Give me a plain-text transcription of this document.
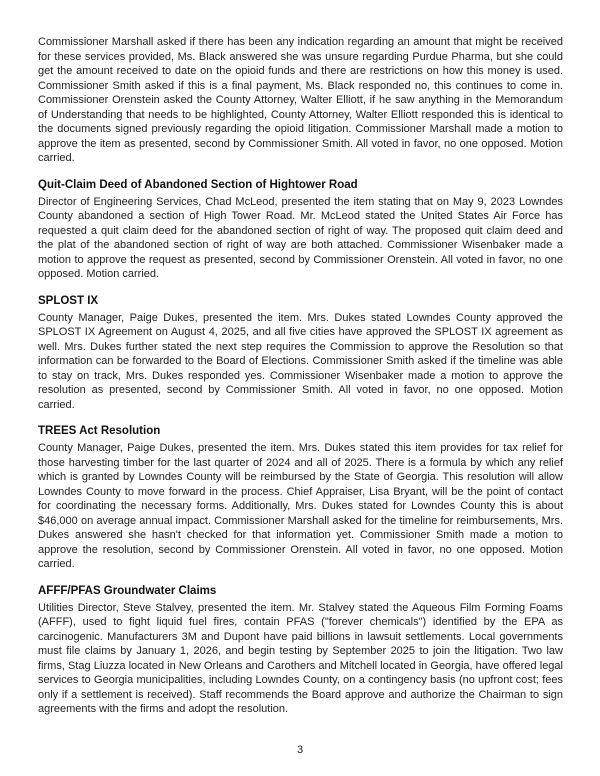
Commissioner Marshall asked if there has been any indication regarding an amount that might be received for these services provided, Ms. Black answered she was unsure regarding Purdue Pharma, but she could get the amount received to date on the opioid funds and there are restrictions on how this money is used. Commissioner Smith asked if this is a final payment, Ms. Black responded no, this continues to come in. Commissioner Orenstein asked the County Attorney, Walter Elliott, if he saw anything in the Memorandum of Understanding that needs to be highlighted, County Attorney, Walter Elliott responded this is identical to the documents signed previously regarding the opioid litigation. Commissioner Marshall made a motion to approve the item as presented, second by Commissioner Smith. All voted in favor, no one opposed. Motion carried.

Quit-Claim Deed of Abandoned Section of Hightower Road

Director of Engineering Services, Chad McLeod, presented the item stating that on May 9, 2023 Lowndes County abandoned a section of High Tower Road. Mr. McLeod stated the United States Air Force has requested a quit claim deed for the abandoned section of right of way. The proposed quit claim deed and the plat of the abandoned section of right of way are both attached. Commissioner Wisenbaker made a motion to approve the request as presented, second by Commissioner Orenstein. All voted in favor, no one opposed. Motion carried.

SPLOST IX

County Manager, Paige Dukes, presented the item. Mrs. Dukes stated Lowndes County approved the SPLOST IX Agreement on August 4, 2025, and all five cities have approved the SPLOST IX agreement as well. Mrs. Dukes further stated the next step requires the Commission to approve the Resolution so that information can be forwarded to the Board of Elections. Commissioner Smith asked if the timeline was able to stay on track, Mrs. Dukes responded yes. Commissioner Wisenbaker made a motion to approve the resolution as presented, second by Commissioner Smith. All voted in favor, no one opposed. Motion carried.

TREES Act Resolution

County Manager, Paige Dukes, presented the item. Mrs. Dukes stated this item provides for tax relief for those harvesting timber for the last quarter of 2024 and all of 2025. There is a formula by which any relief which is granted by Lowndes County will be reimbursed by the State of Georgia. This resolution will allow Lowndes County to move forward in the process. Chief Appraiser, Lisa Bryant, will be the point of contact for coordinating the necessary forms. Additionally, Mrs. Dukes stated for Lowndes County this is about $46,000 on average annual impact. Commissioner Marshall asked for the timeline for reimbursements, Mrs. Dukes answered she hasn't checked for that information yet. Commissioner Smith made a motion to approve the resolution, second by Commissioner Orenstein. All voted in favor, no one opposed. Motion carried.

AFFF/PFAS Groundwater Claims

Utilities Director, Steve Stalvey, presented the item. Mr. Stalvey stated the Aqueous Film Forming Foams (AFFF), used to fight liquid fuel fires, contain PFAS ("forever chemicals") identified by the EPA as carcinogenic. Manufacturers 3M and Dupont have paid billions in lawsuit settlements. Local governments must file claims by January 1, 2026, and begin testing by September 2025 to join the litigation. Two law firms, Stag Liuzza located in New Orleans and Carothers and Mitchell located in Georgia, have offered legal services to Georgia municipalities, including Lowndes County, on a contingency basis (no upfront cost; fees only if a settlement is received). Staff recommends the Board approve and authorize the Chairman to sign agreements with the firms and adopt the resolution.

3
